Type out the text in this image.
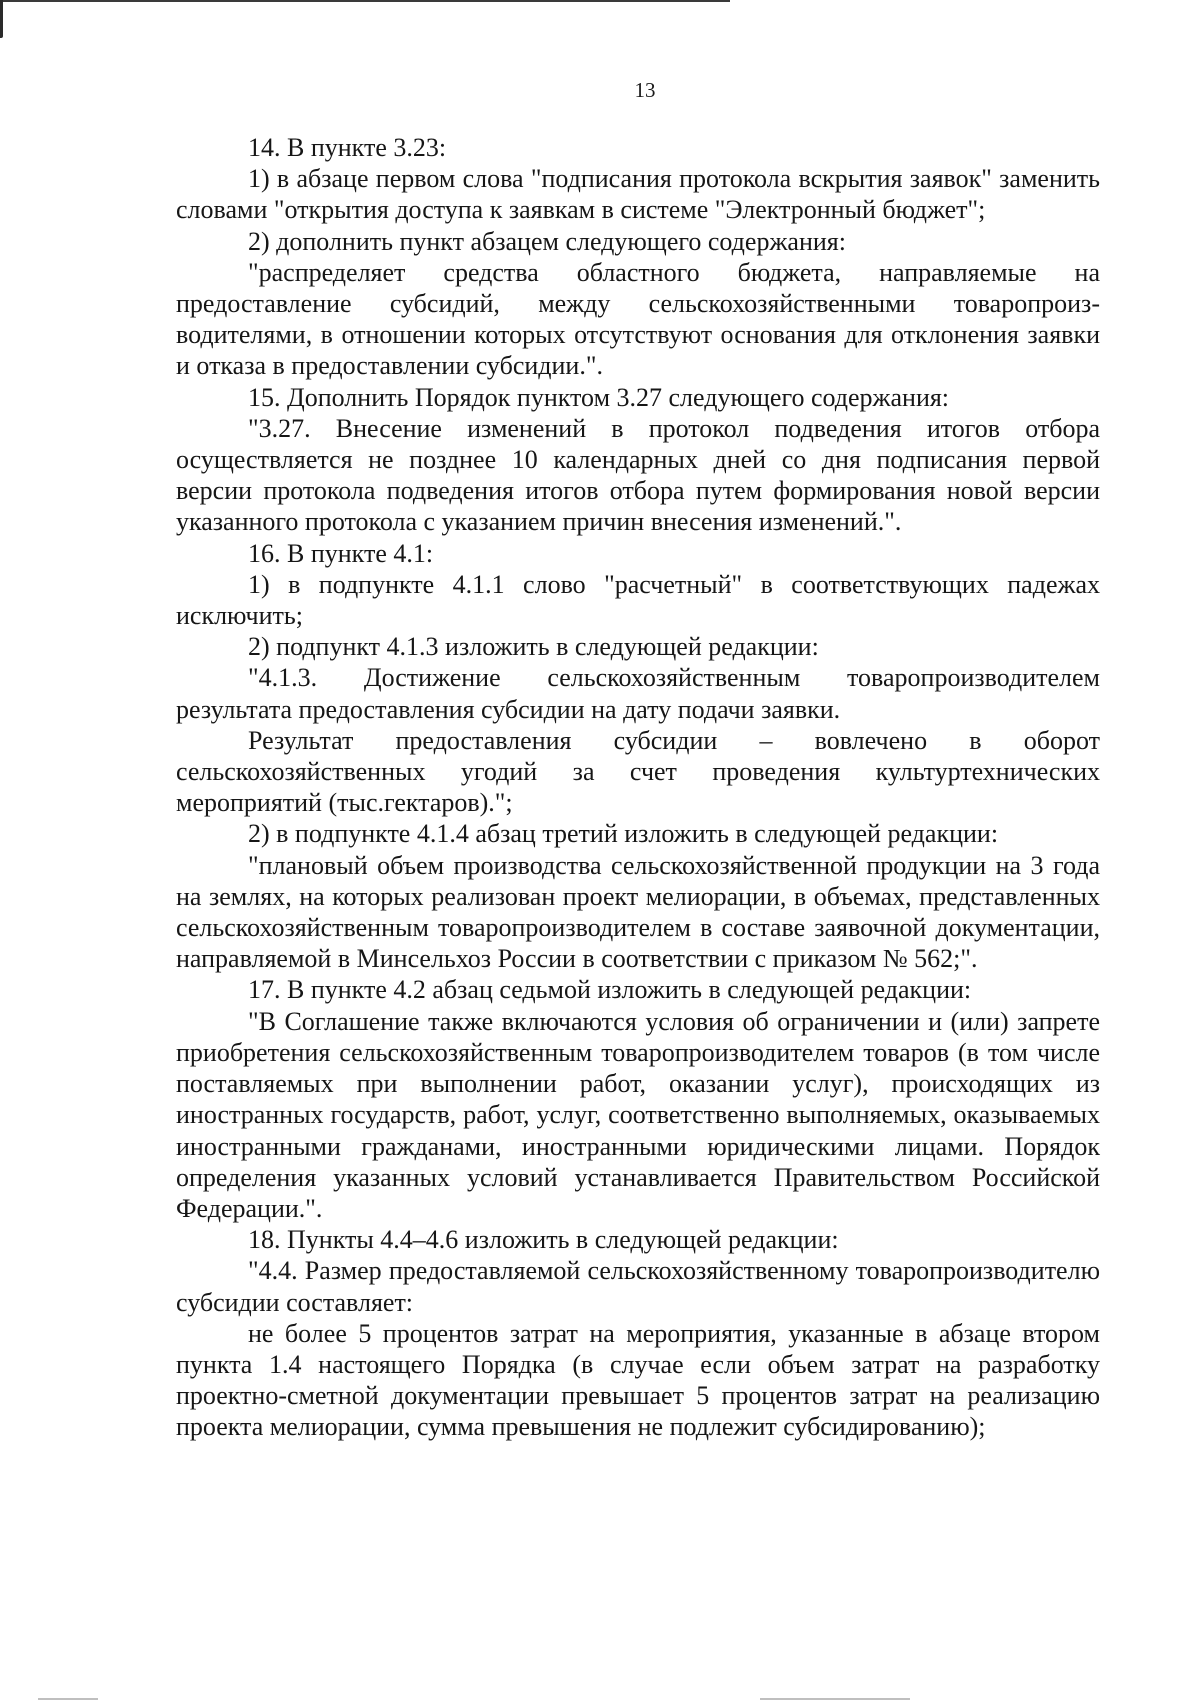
13

14. В пункте 3.23:

1) в абзаце первом слова "подписания протокола вскрытия заявок" заменить словами "открытия доступа к заявкам в системе "Электронный бюджет";

2) дополнить пункт абзацем следующего содержания:

"распределяет средства областного бюджета, направляемые на предоставление субсидий, между сельскохозяйственными товаропроизводителями, в отношении которых отсутствуют основания для отклонения заявки и отказа в предоставлении субсидии.".

15. Дополнить Порядок пунктом 3.27 следующего содержания:

"3.27. Внесение изменений в протокол подведения итогов отбора осуществляется не позднее 10 календарных дней со дня подписания первой версии протокола подведения итогов отбора путем формирования новой версии указанного протокола с указанием причин внесения изменений.".

16. В пункте 4.1:

1) в подпункте 4.1.1 слово "расчетный" в соответствующих падежах исключить;

2) подпункт 4.1.3 изложить в следующей редакции:

"4.1.3. Достижение сельскохозяйственным товаропроизводителем результата предоставления субсидии на дату подачи заявки.

Результат предоставления субсидии – вовлечено в оборот сельскохозяйственных угодий за счет проведения культуртехнических мероприятий (тыс.гектаров).";

2) в подпункте 4.1.4 абзац третий изложить в следующей редакции:

"плановый объем производства сельскохозяйственной продукции на 3 года на землях, на которых реализован проект мелиорации, в объемах, представленных сельскохозяйственным товаропроизводителем в составе заявочной документации, направляемой в Минсельхоз России в соответствии с приказом № 562;".

17. В пункте 4.2 абзац седьмой изложить в следующей редакции:

"В Соглашение также включаются условия об ограничении и (или) запрете приобретения сельскохозяйственным товаропроизводителем товаров (в том числе поставляемых при выполнении работ, оказании услуг), происходящих из иностранных государств, работ, услуг, соответственно выполняемых, оказываемых иностранными гражданами, иностранными юридическими лицами. Порядок определения указанных условий устанавливается Правительством Российской Федерации.".

18. Пункты 4.4–4.6 изложить в следующей редакции:

"4.4. Размер предоставляемой сельскохозяйственному товаропроизводителю субсидии составляет:

не более 5 процентов затрат на мероприятия, указанные в абзаце втором пункта 1.4 настоящего Порядка (в случае если объем затрат на разработку проектно-сметной документации превышает 5 процентов затрат на реализацию проекта мелиорации, сумма превышения не подлежит субсидированию);
